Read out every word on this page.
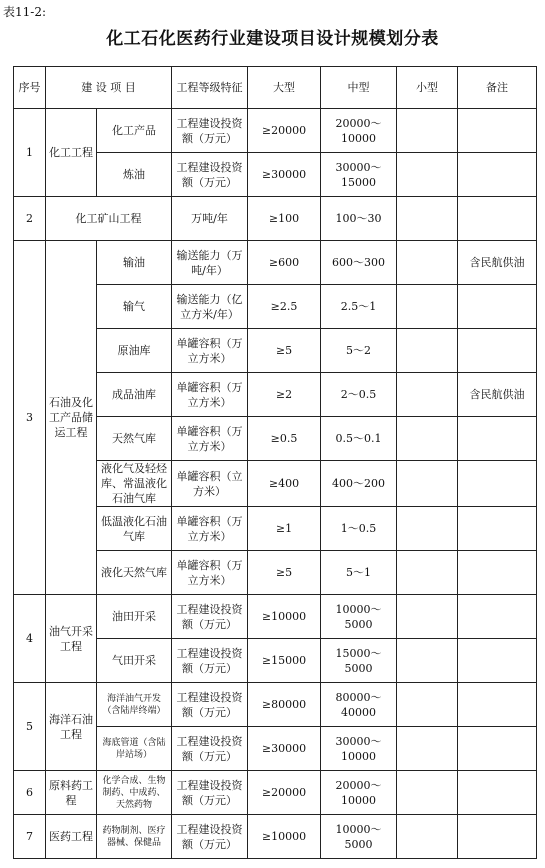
表11-2:
化工石化医药行业建设项目设计规模划分表
序号	建 设 项 目		工程等级特征	大型	中型	小型	备注
1	化工工程	化工产品	工程建设投资额（万元）	≥20000	20000～10000		
		炼油	工程建设投资额（万元）	≥30000	30000～15000		
2	化工矿山工程		万吨/年	≥100	100～30		
3	石油及化工产品储运工程	输油	输送能力（万吨/年）	≥600	600～300		含民航供油
		输气	输送能力（亿立方米/年）	≥2.5	2.5～1		
		原油库	单罐容积（万立方米）	≥5	5～2		
		成品油库	单罐容积（万立方米）	≥2	2～0.5		含民航供油
		天然气库	单罐容积（万立方米）	≥0.5	0.5～0.1		
		液化气及轻烃库、常温液化石油气库	单罐容积（立方米）	≥400	400～200		
		低温液化石油气库	单罐容积（万立方米）	≥1	1～0.5		
		液化天然气库	单罐容积（万立方米）	≥5	5～1		
4	油气开采工程	油田开采	工程建设投资额（万元）	≥10000	10000～5000		
		气田开采	工程建设投资额（万元）	≥15000	15000～5000		
5	海洋石油工程	海洋油气开发（含陆岸终端）	工程建设投资额（万元）	≥80000	80000～40000		
		海底管道（含陆岸站场）	工程建设投资额（万元）	≥30000	30000～10000		
6	原料药工程	化学合成、生物制药、中成药、天然药物	工程建设投资额（万元）	≥20000	20000～10000		
7	医药工程	药物制剂、医疗器械、保健品	工程建设投资额（万元）	≥10000	10000～5000		
